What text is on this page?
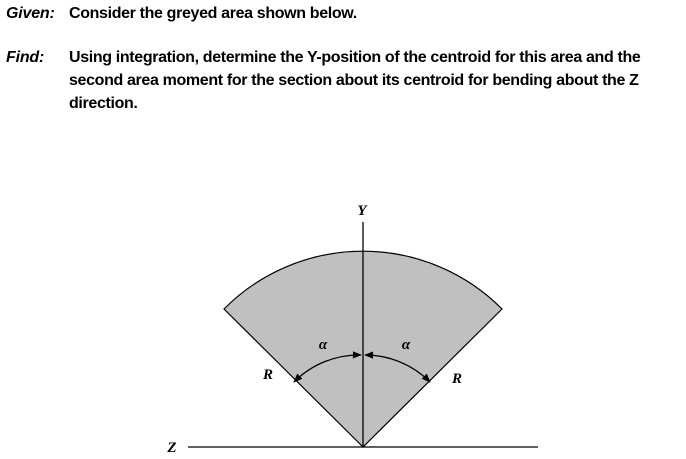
Given: Consider the greyed area shown below.
Find: Using integration, determine the Y-position of the centroid for this area and the second area moment for the section about its centroid for bending about the Z direction.
Y
Z
α	α
R	R
